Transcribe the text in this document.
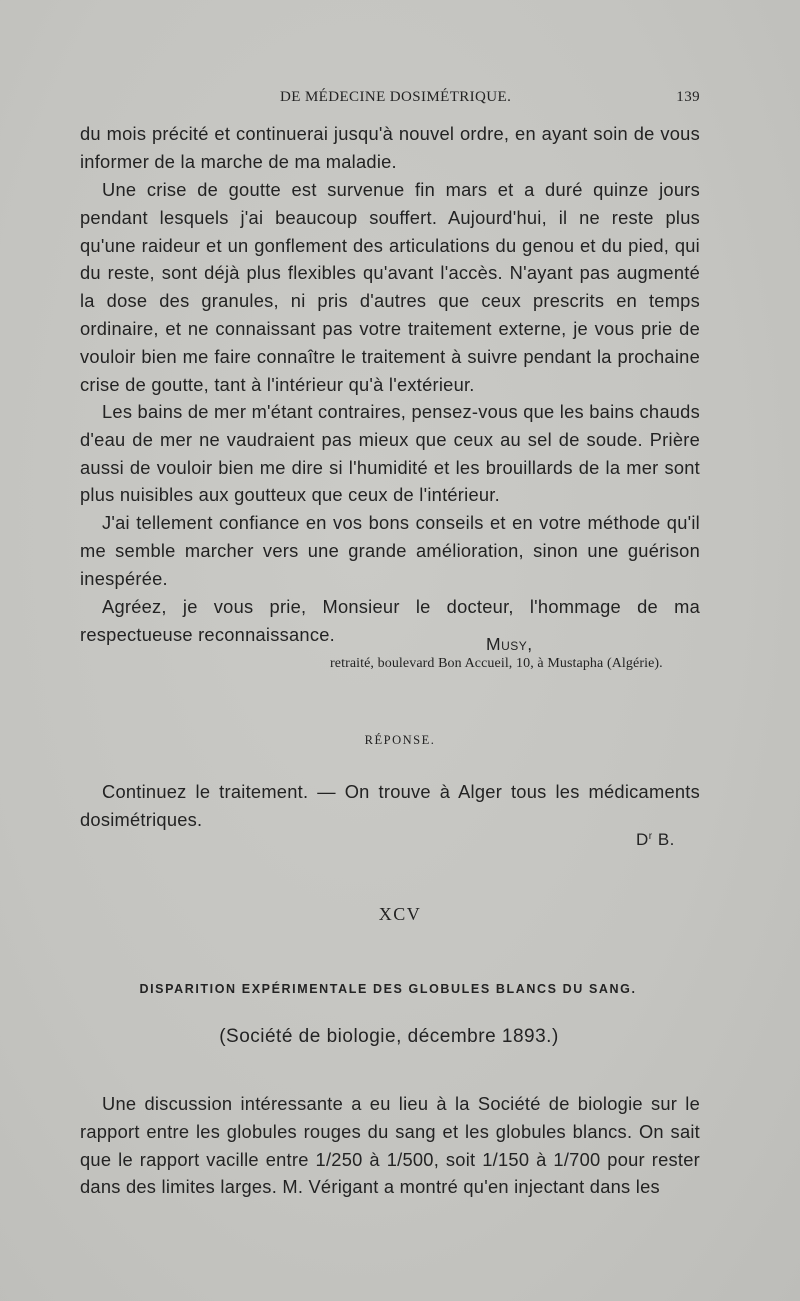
DE MÉDECINE DOSIMÉTRIQUE.	139

du mois précité et continuerai jusqu'à nouvel ordre, en ayant soin de vous informer de la marche de ma maladie.

Une crise de goutte est survenue fin mars et a duré quinze jours pendant lesquels j'ai beaucoup souffert. Aujourd'hui, il ne reste plus qu'une raideur et un gonflement des articulations du genou et du pied, qui du reste, sont déjà plus flexibles qu'avant l'accès. N'ayant pas augmenté la dose des granules, ni pris d'autres que ceux prescrits en temps ordinaire, et ne connaissant pas votre traitement externe, je vous prie de vouloir bien me faire connaître le traitement à suivre pendant la prochaine crise de goutte, tant à l'intérieur qu'à l'extérieur.

Les bains de mer m'étant contraires, pensez-vous que les bains chauds d'eau de mer ne vaudraient pas mieux que ceux au sel de soude. Prière aussi de vouloir bien me dire si l'humidité et les brouillards de la mer sont plus nuisibles aux goutteux que ceux de l'intérieur.

J'ai tellement confiance en vos bons conseils et en votre méthode qu'il me semble marcher vers une grande amélioration, sinon une guérison inespérée.

Agréez, je vous prie, Monsieur le docteur, l'hommage de ma respectueuse reconnaissance.	Musy,
retraité, boulevard Bon Accueil, 10, à Mustapha (Algérie).
RÉPONSE.

Continuez le traitement. — On trouve à Alger tous les médicaments dosimétriques.

$D^r$ B.
XCV
DISPARITION EXPÉRIMENTALE DES GLOBULES BLANCS DU SANG.
(Société de biologie, décembre 1893.)

Une discussion intéressante a eu lieu à la Société de biologie sur le rapport entre les globules rouges du sang et les globules blancs. On sait que le rapport vacille entre 1/250 à 1/500, soit 1/150 à 1/700 pour rester dans des limites larges. M. Vérigant a montré qu'en injectant dans les
